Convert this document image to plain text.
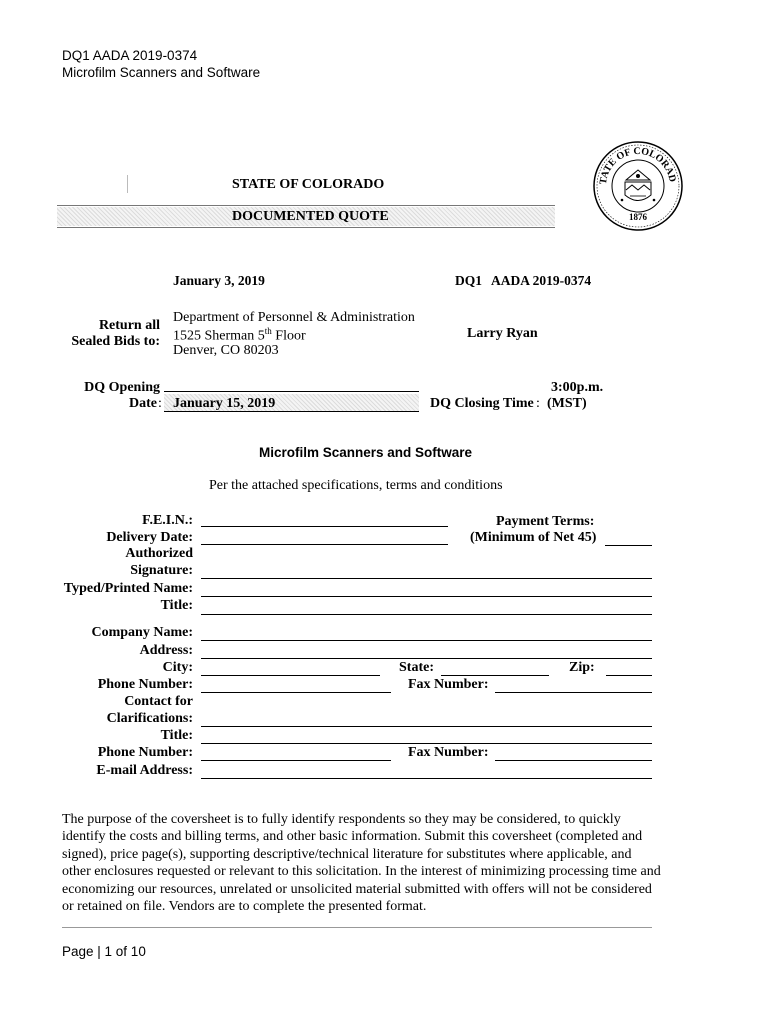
DQ1 AADA 2019-0374
Microfilm Scanners and Software
TATE OF COLORAD
1876
STATE OF COLORADO
DOCUMENTED QUOTE
January 3, 2019	DQ1 AADA 2019-0374
Return all
Sealed Bids to:
Department of Personnel & Administration
1525 Sherman 5th Floor
Denver, CO 80203
Larry Ryan
DQ Opening
Date : January 15, 2019	DQ Closing Time :
3:00p.m.
(MST)
Microfilm Scanners and Software
Per the attached specifications, terms and conditions
F.E.I.N.:	Payment Terms:
Delivery Date:	(Minimum of Net 45)
Authorized
Signature:
Typed/Printed Name:
Title:
Company Name:
Address:
City:	State:	Zip:
Phone Number:	Fax Number:
Contact for
Clarifications:
Title:
Phone Number:	Fax Number:
E-mail Address:
The purpose of the coversheet is to fully identify respondents so they may be considered, to quickly identify the costs and billing terms, and other basic information. Submit this coversheet (completed and signed), price page(s), supporting descriptive/technical literature for substitutes where applicable, and other enclosures requested or relevant to this solicitation. In the interest of minimizing processing time and economizing our resources, unrelated or unsolicited material submitted with offers will not be considered or retained on file. Vendors are to complete the presented format.
Page | 1 of 10
